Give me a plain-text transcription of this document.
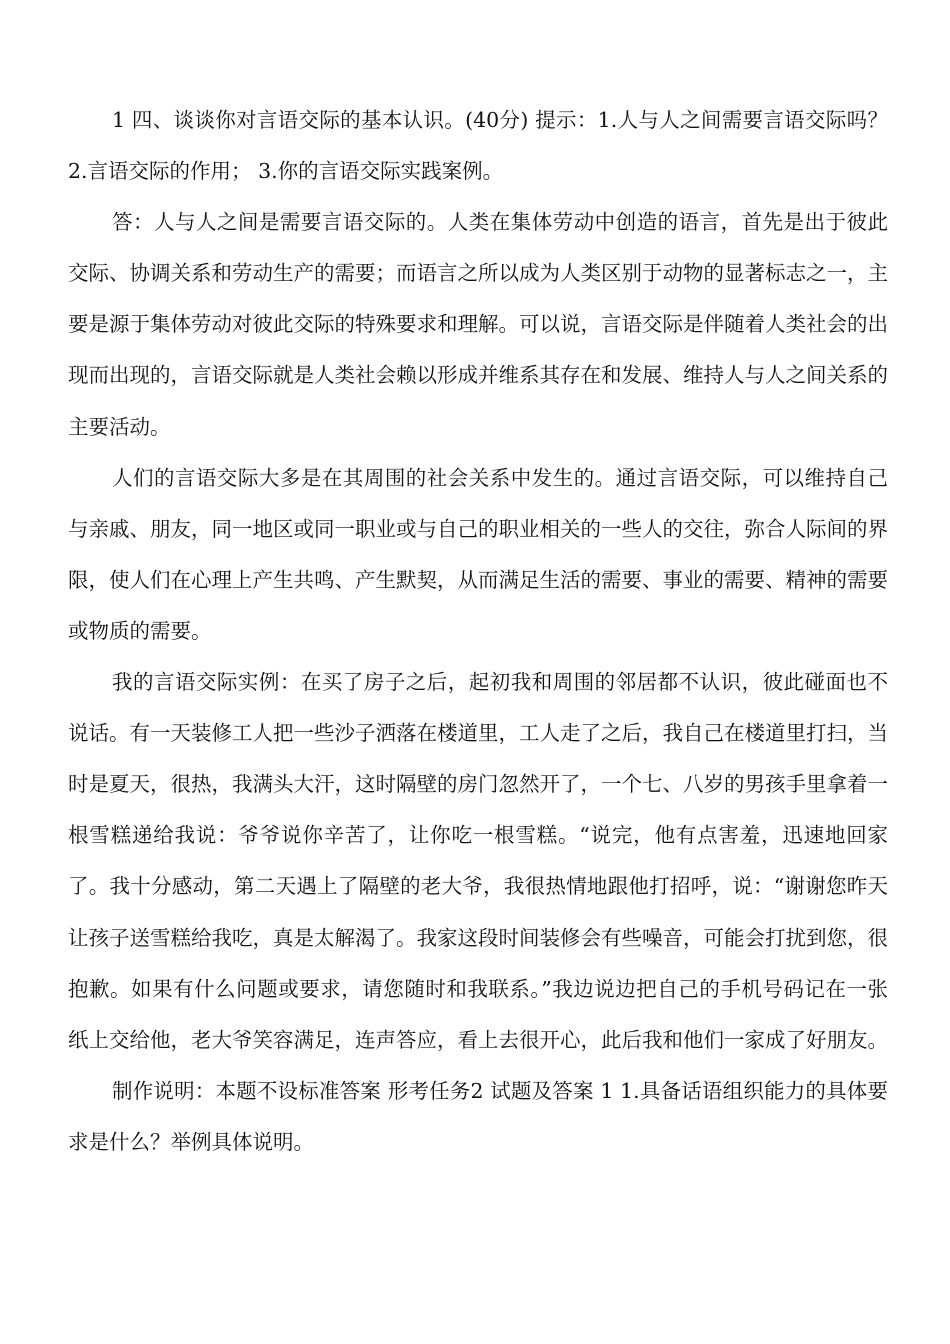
1 四、谈谈你对言语交际的基本认识。(40分) 提示：1.人与人之间需要言语交际吗？ 2.言语交际的作用； 3.你的言语交际实践案例。

答：人与人之间是需要言语交际的。人类在集体劳动中创造的语言，首先是出于彼此交际、协调关系和劳动生产的需要；而语言之所以成为人类区别于动物的显著标志之一，主要是源于集体劳动对彼此交际的特殊要求和理解。可以说，言语交际是伴随着人类社会的出现而出现的，言语交际就是人类社会赖以形成并维系其存在和发展、维持人与人之间关系的主要活动。

人们的言语交际大多是在其周围的社会关系中发生的。通过言语交际，可以维持自己与亲戚、朋友，同一地区或同一职业或与自己的职业相关的一些人的交往，弥合人际间的界限，使人们在心理上产生共鸣、产生默契，从而满足生活的需要、事业的需要、精神的需要或物质的需要。

我的言语交际实例：在买了房子之后，起初我和周围的邻居都不认识，彼此碰面也不说话。有一天装修工人把一些沙子洒落在楼道里，工人走了之后，我自己在楼道里打扫，当时是夏天，很热，我满头大汗，这时隔壁的房门忽然开了，一个七、八岁的男孩手里拿着一根雪糕递给我说：爷爷说你辛苦了，让你吃一根雪糕。“说完，他有点害羞，迅速地回家了。我十分感动，第二天遇上了隔壁的老大爷，我很热情地跟他打招呼，说：“谢谢您昨天让孩子送雪糕给我吃，真是太解渴了。我家这段时间装修会有些噪音，可能会打扰到您，很抱歉。如果有什么问题或要求，请您随时和我联系。”我边说边把自己的手机号码记在一张纸上交给他，老大爷笑容满足，连声答应，看上去很开心，此后我和他们一家成了好朋友。

制作说明：本题不设标准答案 形考任务2 试题及答案 1 1.具备话语组织能力的具体要求是什么？举例具体说明。
